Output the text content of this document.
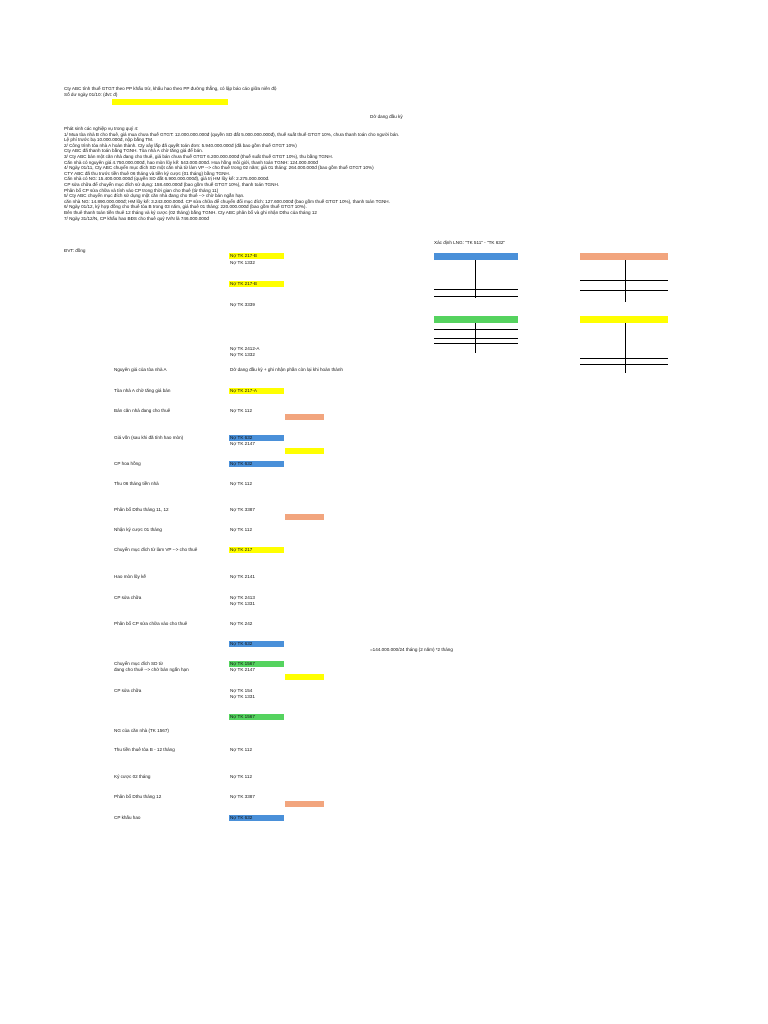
Cty ABC tính thuế GTGT theo PP khấu trừ, khấu hao theo PP đường thẳng, có lập báo cáo giữa niên độ
Số dư ngày 01/10: (đvt: đ)
Dở dang đầu kỳ
Phát sinh các nghiệp vụ trong quý 4:
1/ Mua tòa nhà B cho thuê, giá mua chưa thuế GTGT: 12.000.000.000đ (quyền SD đất 5.000.000.000đ), thuế suất thuế GTGT 10%, chưa thanh toán cho người bán.
Lệ phí trước bạ 10.000.000đ, nộp bằng TM.
2/ Công trình tòa nhà A hoàn thành. Cty xây lắp đã quyết toán đơn: 5.940.000.000đ (đã bao gồm thuế GTGT 10%)
Cty ABC đã thanh toán bằng TGNH. Tòa nhà A chờ tăng giá để bán.
3/ Cty ABC bán một căn nhà đang cho thuê, giá bán chưa thuế GTGT 6.200.000.000đ (thuế suất thuế GTGT 10%), thu bằng TGNH.
Căn nhà có nguyên giá 4.750.000.000đ, hao mòn lũy kế: 543.000.000đ. Hoa hồng môi giới, thanh toán TGNH: 124.000.000đ
4/ Ngày 01/11, Cty ABC chuyển mục đích SD một căn nhà từ làm VP --> cho thuê trong 02 năm; giá 01 tháng: 264.000.000đ (bao gồm thuế GTGT 10%)
CTY ABC đã thu trước tiền thuê 06 tháng và tiền ký cược (01 tháng) bằng TGNH.
Căn nhà có NG: 15.400.000.000đ (quyền SD đất 6.900.000.000đ), giá trị HM lũy kế: 2.275.000.000đ.
CP sửa chữa để chuyển mục đích sử dụng: 158.400.000đ (bao gồm thuế GTGT 10%), thanh toán TGNH.
Phân bổ CP sửa chữa và tính vào CP trong thời gian cho thuê (từ tháng 11)
5/ Cty ABC chuyển mục đích sử dụng một căn nhà đang cho thuê --> chờ bán ngắn hạn.
căn nhà NG: 14.890.000.000đ; HM lũy kế: 3.243.000.000đ. CP sửa chữa để chuyển đổi mục đích: 127.600.000đ (bao gồm thuế GTGT 10%), thanh toán TGNH.
6/ Ngày 01/12, ký hợp đồng cho thuê tòa B trong 03 năm, giá thuê 01 tháng: 220.000.000đ (bao gồm thuế GTGT 10%).
Bên thuê thanh toán tiền thuê 12 tháng và ký cược (02 tháng) bằng TGNH. Cty ABC phân bổ và ghi nhận Dthu của tháng 12
7/ Ngày 31/12/N, CP khấu hao BĐS cho thuê quý IV/N là 746.000.000đ
ĐVT: đồng
Xác định LNG: "TK 511" - "TK 632"
Nợ TK 217-B
Nợ TK 1332
Nợ TK 217-B
Nợ TK 3339
Nợ TK 2412-A
Nợ TK 1332
Nguyên giá của tòa nhà A	Dở dang đầu kỳ + ghi nhận phần còn lại khi hoàn thành
Tòa nhà A chờ tăng giá bán	Nợ TK 217-A
Bán căn nhà đang cho thuê	Nợ TK 112
Giá vốn (sau khi đã tính hao mòn)	Nợ TK 632
Nợ TK 2147
CP hoa hồng	Nợ TK 632
Thu 06 tháng tiền nhà	Nợ TK 112
Phân bổ Dthu tháng 11, 12	Nợ TK 3387
Nhận ký cược 01 tháng	Nợ TK 112
Chuyển mục đích từ làm VP --> cho thuê	Nợ TK 217
Hao mòn lũy kế	Nợ TK 2141
CP sửa chữa	Nợ TK 2413
Nợ TK 1331
Phân bổ CP sửa chữa vào cho thuê	Nợ TK 242
Nợ TK 632
=144.000.000/24 tháng (2 năm) *2 tháng
Chuyển mục đích SD từ
đang cho thuê --> chờ bán ngắn hạn
Nợ TK 1567
Nợ TK 2147
CP sửa chữa	Nợ TK 154
Nợ TK 1331
Nợ TK 1567
NG của căn nhà (TK 1567)
Thu tiền thuê tòa B - 12 tháng	Nợ TK 112
Ký cược 02 tháng	Nợ TK 112
Phân bổ Dthu tháng 12	Nợ TK 3387
CP khấu hao	Nợ TK 632
